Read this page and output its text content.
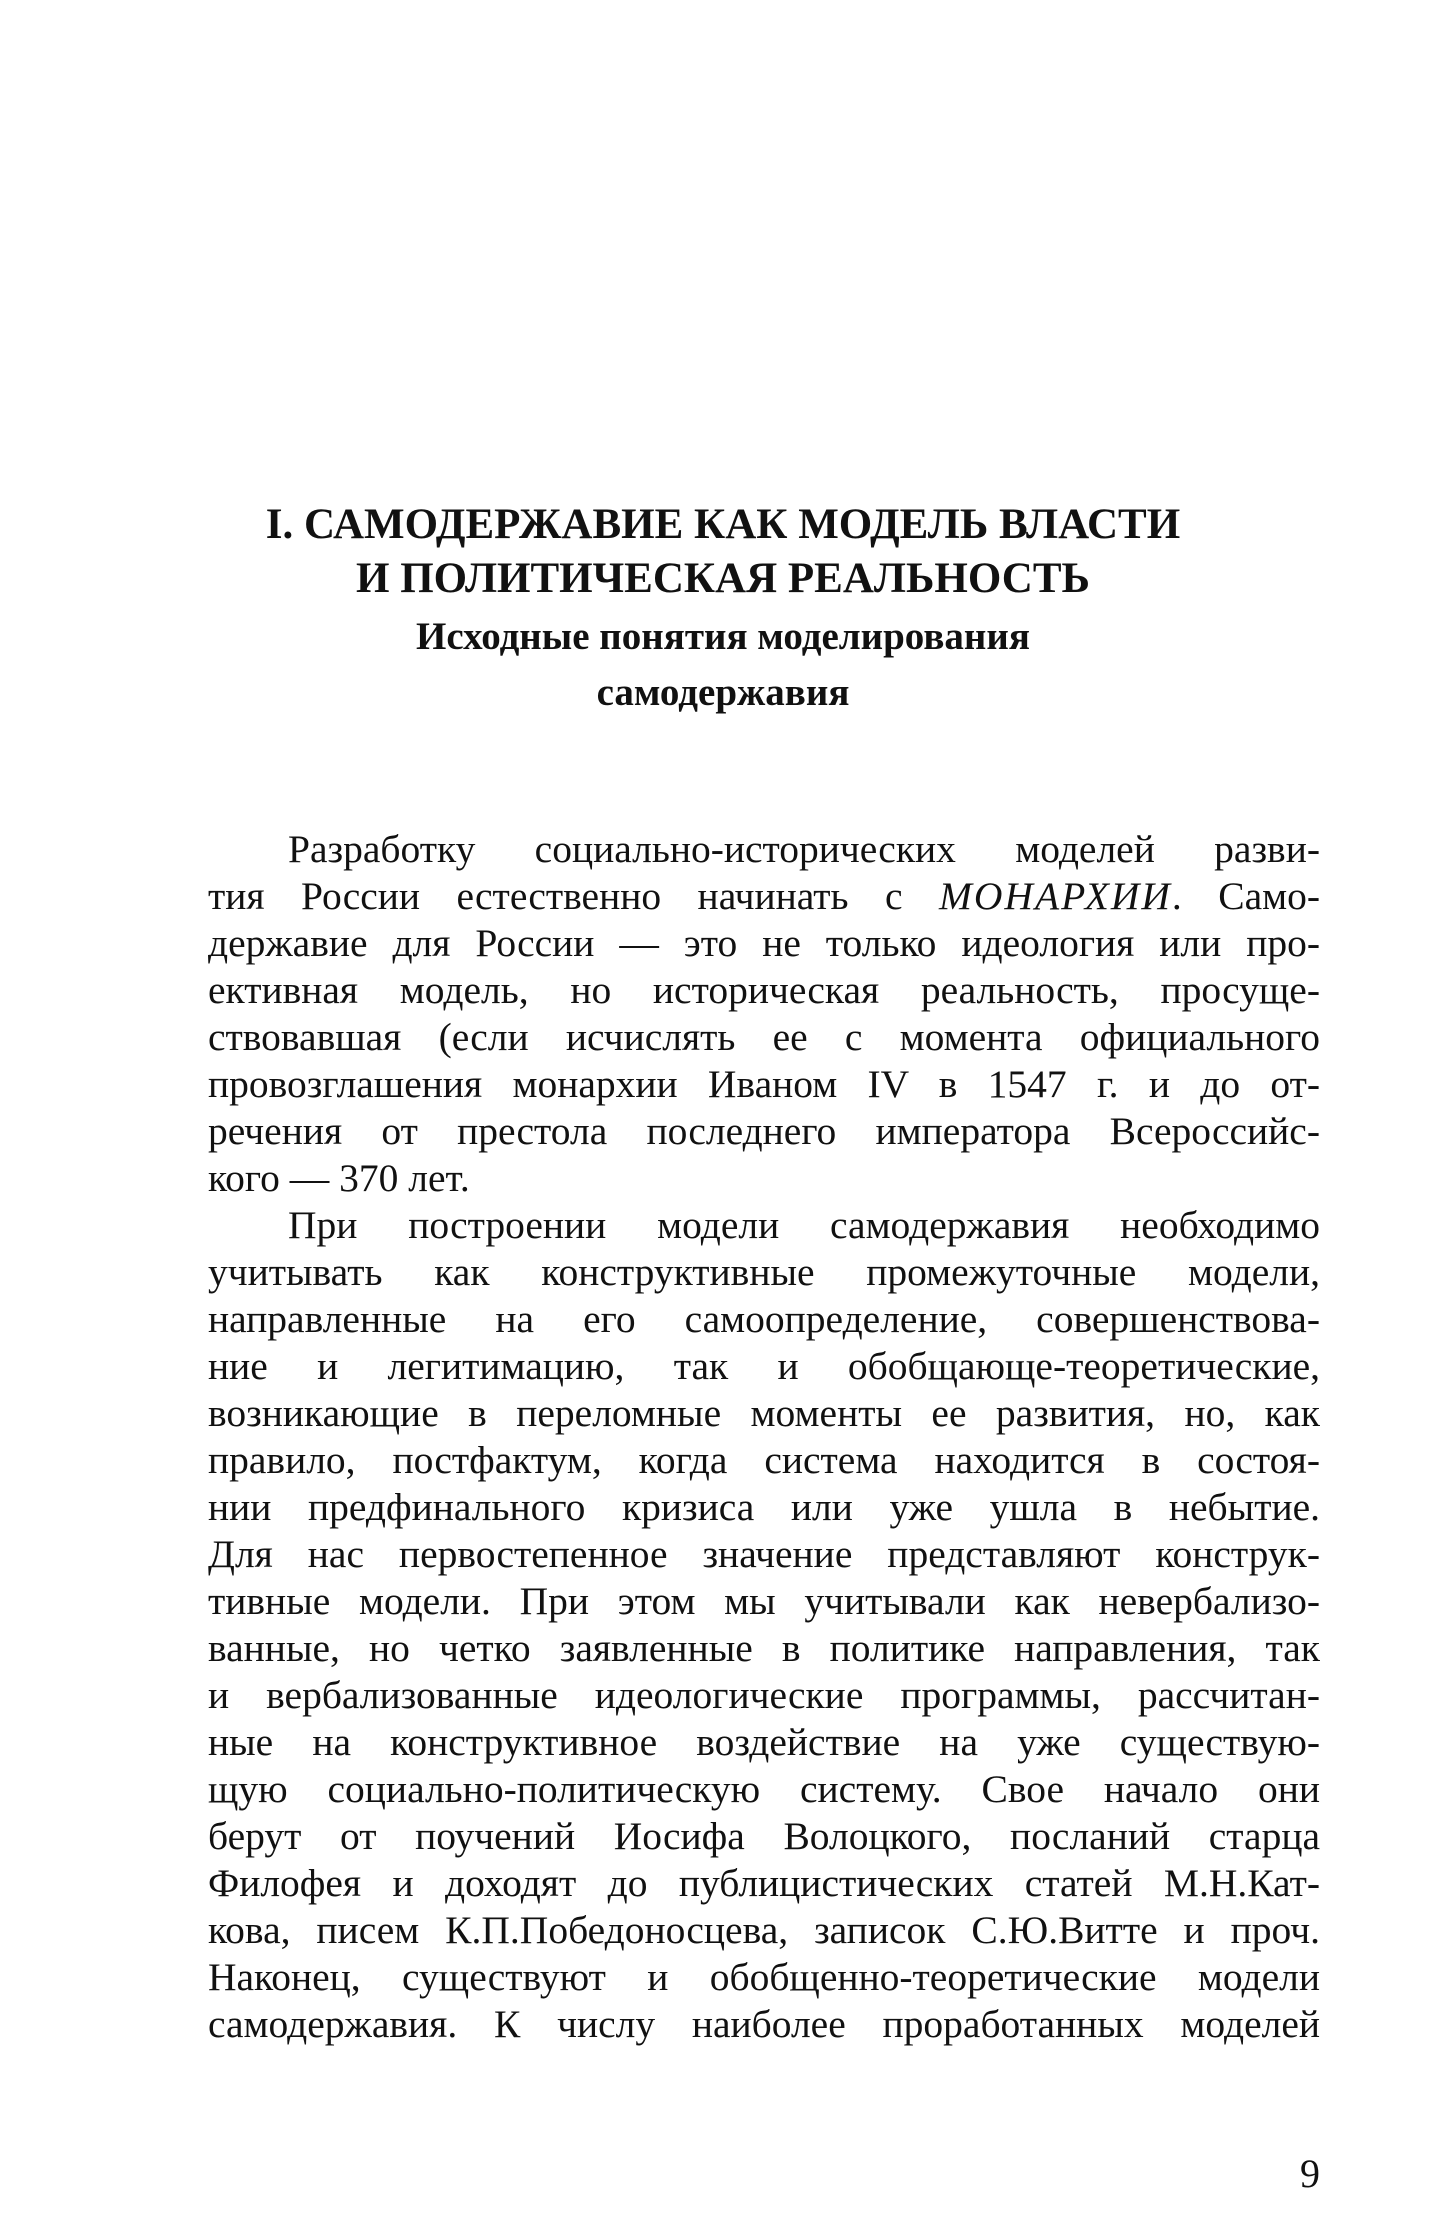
I. САМОДЕРЖАВИЕ КАК МОДЕЛЬ ВЛАСТИ
И ПОЛИТИЧЕСКАЯ РЕАЛЬНОСТЬ
Исходные понятия моделирования
самодержавия
Разработку социально-исторических моделей разви-
тия России естественно начинать с МОНАРХИИ. Само-
державие для России — это не только идеология или про-
ективная модель, но историческая реальность, просуще-
ствовавшая (если исчислять ее с момента официального
провозглашения монархии Иваном IV в 1547 г. и до от-
речения от престола последнего императора Всероссийс-
кого — 370 лет.
При построении модели самодержавия необходимо
учитывать как конструктивные промежуточные модели,
направленные на его самоопределение, совершенствова-
ние и легитимацию, так и обобщающе-теоретические,
возникающие в переломные моменты ее развития, но, как
правило, постфактум, когда система находится в состоя-
нии предфинального кризиса или уже ушла в небытие.
Для нас первостепенное значение представляют конструк-
тивные модели. При этом мы учитывали как невербализо-
ванные, но четко заявленные в политике направления, так
и вербализованные идеологические программы, рассчитан-
ные на конструктивное воздействие на уже существую-
щую социально-политическую систему. Свое начало они
берут от поучений Иосифа Волоцкого, посланий старца
Филофея и доходят до публицистических статей М.Н.Кат-
кова, писем К.П.Победоносцева, записок С.Ю.Витте и проч.
Наконец, существуют и обобщенно-теоретические модели
самодержавия. К числу наиболее проработанных моделей
9
